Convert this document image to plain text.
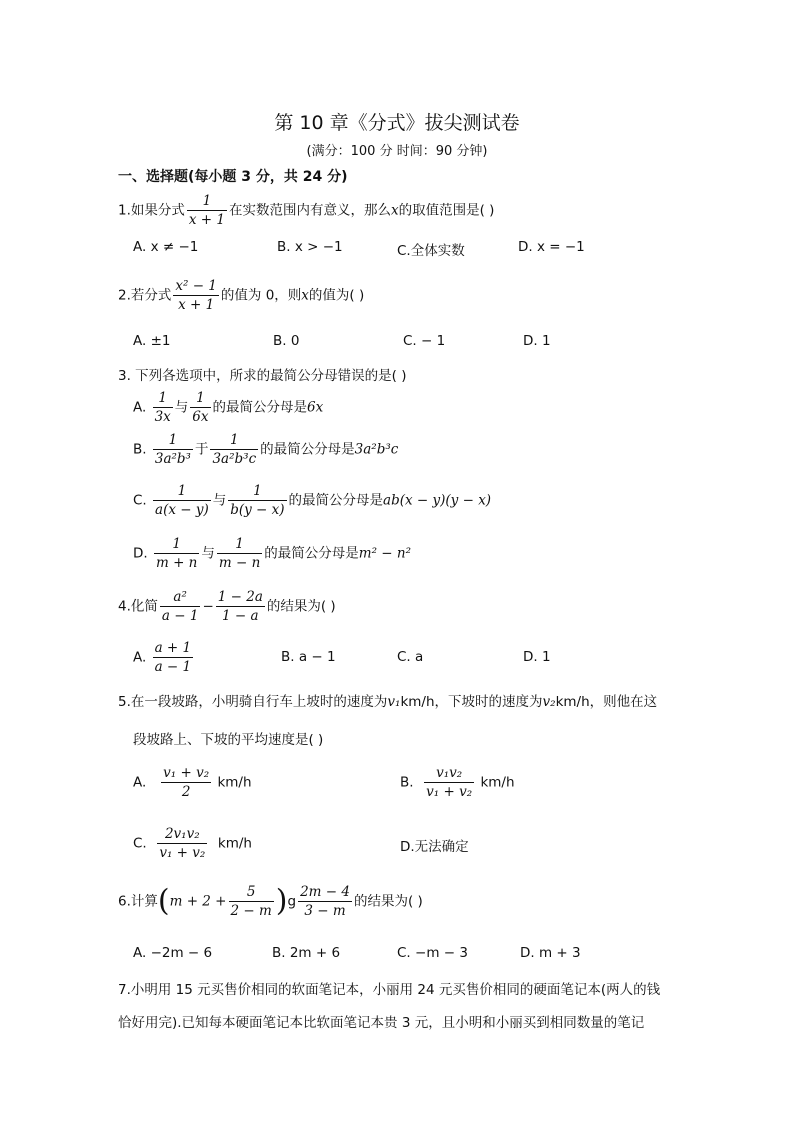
第 10 章《分式》拔尖测试卷
(满分：100 分 时间：90 分钟)
一、选择题(每小题 3 分，共 24 分)
1.如果分式 $\frac{1}{x + 1}$ 在实数范围内有意义，那么x的取值范围是( )
A. x ≠ −1	B. x > −1	C.全体实数	D. x = −1
2.若分式 $\frac{\text{x² − 1}}{x + 1}$ 的值为 0，则x的值为( )
A. ±1	B. 0	C. − 1	D. 1
3. 下列各选项中，所求的最简公分母错误的是( )
A. $\frac{1}{3x}$ 与 $\frac{1}{6x}$ 的最简公分母是6x
B. $\frac{1}{\text{3a²b³}}$ 于 $\frac{1}{\text{3a²b³c}}$ 的最简公分母是3a²b³c
C. $\frac{1}{a(x - y)}$ 与 $\frac{1}{b(y - x)}$ 的最简公分母是ab(x − y)(y − x)
D. $\frac{1}{m + n}$ 与 $\frac{1}{m - n}$ 的最简公分母是m² − n²
4.化简 $\frac{\text{a²}}{a - 1} - \frac{1 - 2a}{1 - a}$ 的结果为( )
A. $\frac{a + 1}{a - 1}$	B. a − 1	C. a	D. 1
5.在一段坡路，小明骑自行车上坡时的速度为v₁km/h，下坡时的速度为v₂km/h，则他在这
段坡路上、下坡的平均速度是( )
A. $\frac{\text{v₁ + v₂}}{2} km/h$	B. $\frac{\text{v₁v₂}}{\text{v₁ + v₂}} km/h$
C. $\frac{\text{2v₁v₂}}{\text{v₁ + v₂}} km/h$	D.无法确定
6.计算$(m + 2 + \frac{5}{2 - m} )g \frac{2m - 4}{3 - m}$ 的结果为( )
A. −2m − 6	B. 2m + 6	C. −m − 3	D. m + 3
7.小明用 15 元买售价相同的软面笔记本，小丽用 24 元买售价相同的硬面笔记本(两人的钱
恰好用完).已知每本硬面笔记本比软面笔记本贵 3 元，且小明和小丽买到相同数量的笔记
